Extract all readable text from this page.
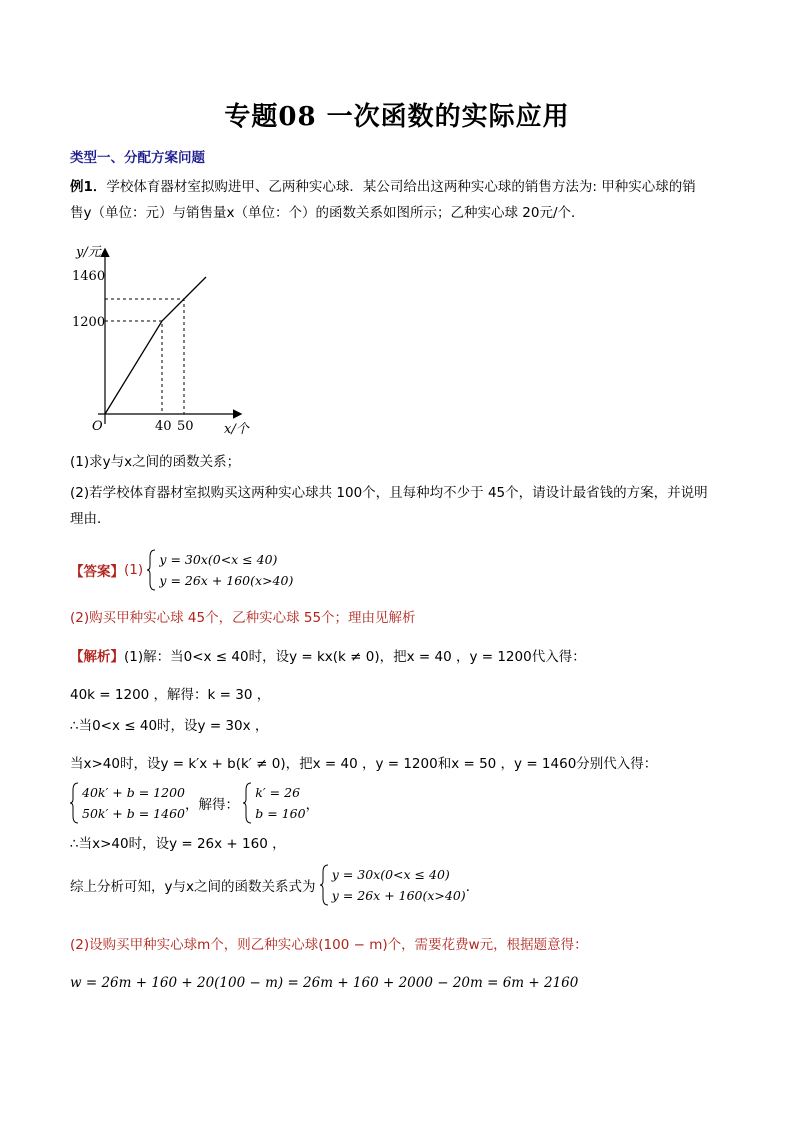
专题08 一次函数的实际应用
类型一、分配方案问题
例1．学校体育器材室拟购进甲、乙两种实心球．某公司给出这两种实心球的销售方法为: 甲种实心球的销
售y（单位：元）与销售量x（单位：个）的函数关系如图所示；乙种实心球 20元/个．
y/元
1460
1200
O	40 50 x/个
(1)求y与x之间的函数关系；
(2)若学校体育器材室拟购买这两种实心球共 100个，且每种均不少于 45个，请设计最省钱的方案，并说明
理由．
【答案】(1)
y = 30x(0<x ≤ 40)
y = 26x + 160(x>40)
(2)购买甲种实心球 45个，乙种实心球 55个；理由见解析
【解析】(1)解：当0<x ≤ 40时，设y = kx(k ≠ 0)，把x = 40 ，y = 1200代入得：
40k = 1200 ，解得：k = 30 ，
∴当0<x ≤ 40时，设y = 30x ，
当x>40时，设y = k′x + b(k′ ≠ 0)，把x = 40 ，y = 1200和x = 50 ，y = 1460分别代入得：
40k′ + b = 1200
50k′ + b = 1460，解得：
k′ = 26
b = 160，
∴当x>40时，设y = 26x + 160 ，
综上分析可知，y与x之间的函数关系式为
y = 30x(0<x ≤ 40)
y = 26x + 160(x>40)．
(2)设购买甲种实心球m个，则乙种实心球(100 − m)个，需要花费w元，根据题意得：
w = 26m + 160 + 20(100 − m) = 26m + 160 + 2000 − 20m = 6m + 2160
